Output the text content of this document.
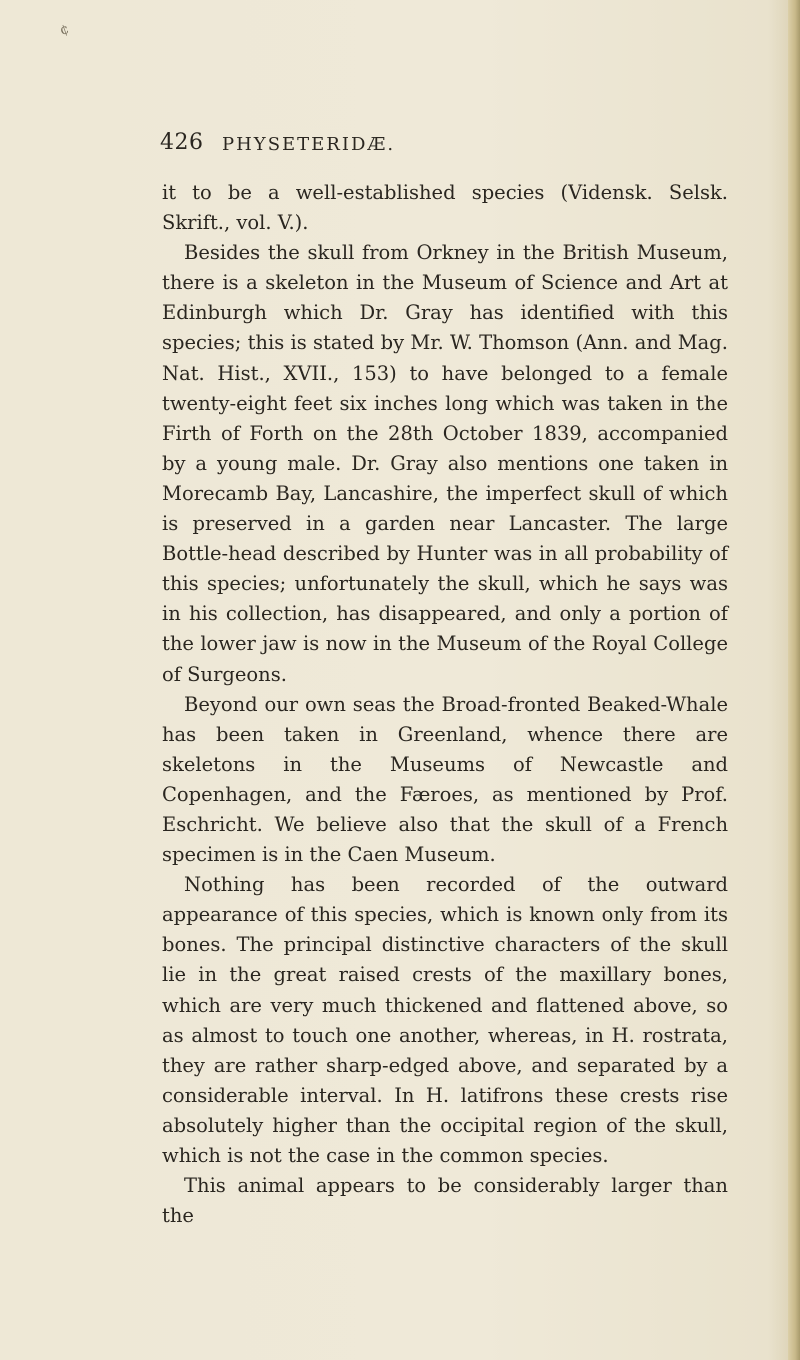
¢
426 PHYSETERIDÆ.

it to be a well-established species (Vidensk. Selsk. Skrift., vol. V.).

Besides the skull from Orkney in the British Museum, there is a skeleton in the Museum of Science and Art at Edinburgh which Dr. Gray has identified with this species; this is stated by Mr. W. Thomson (Ann. and Mag. Nat. Hist., XVII., 153) to have belonged to a female twenty-eight feet six inches long which was taken in the Firth of Forth on the 28th October 1839, accompanied by a young male. Dr. Gray also mentions one taken in Morecamb Bay, Lancashire, the imperfect skull of which is preserved in a garden near Lancaster. The large Bottle-head described by Hunter was in all probability of this species; unfortunately the skull, which he says was in his collection, has disappeared, and only a portion of the lower jaw is now in the Museum of the Royal College of Surgeons.

Beyond our own seas the Broad-fronted Beaked-Whale has been taken in Greenland, whence there are skeletons in the Museums of Newcastle and Copenhagen, and the Færoes, as mentioned by Prof. Eschricht. We believe also that the skull of a French specimen is in the Caen Museum.

Nothing has been recorded of the outward appearance of this species, which is known only from its bones. The principal distinctive characters of the skull lie in the great raised crests of the maxillary bones, which are very much thickened and flattened above, so as almost to touch one another, whereas, in H. rostrata, they are rather sharp-edged above, and separated by a considerable interval. In H. latifrons these crests rise absolutely higher than the occipital region of the skull, which is not the case in the common species.

This animal appears to be considerably larger than the
